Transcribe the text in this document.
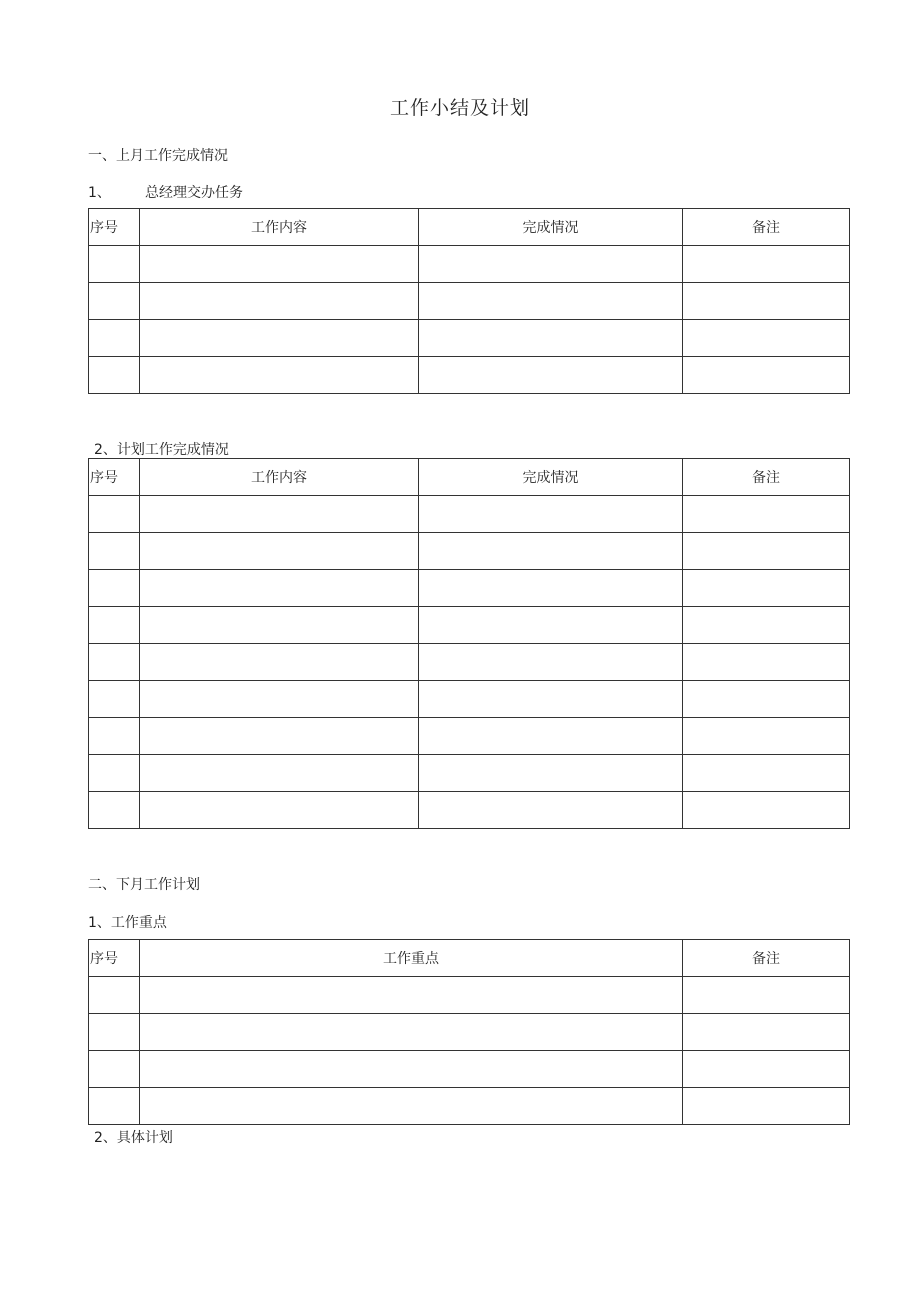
工作小结及计划
一、上月工作完成情况
1、 总经理交办任务
序号	工作内容	完成情况	备注

2、计划工作完成情况
序号	工作内容	完成情况	备注

二、下月工作计划
1、工作重点
序号	工作重点	备注

2、具体计划
